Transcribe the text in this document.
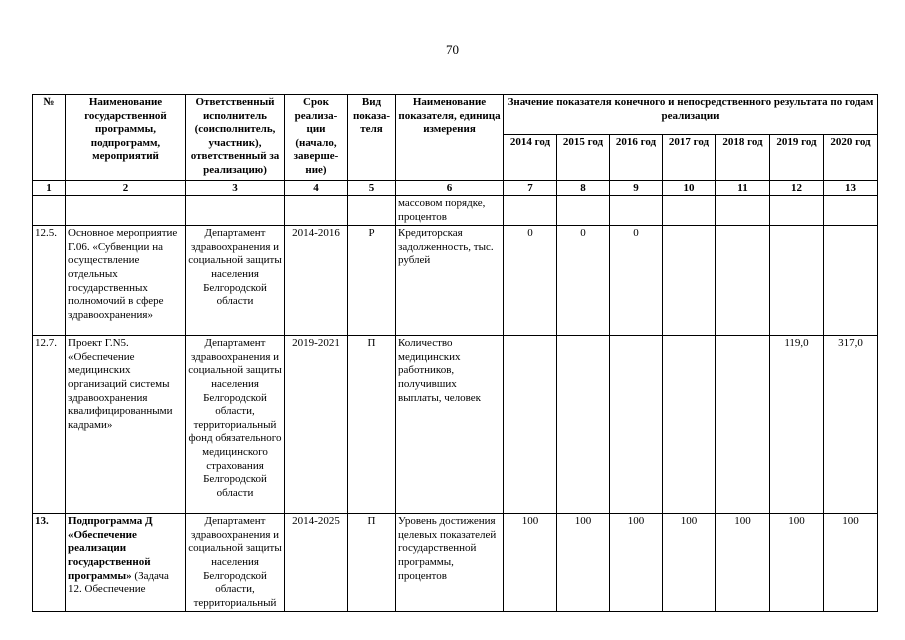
70
№	Наименование государственной программы, подпрограмм, мероприятий	Ответственный исполнитель (соисполнитель, участник), ответственный за реализацию)	Срок реализа-ции (начало, заверше-ние)	Вид показа-теля	Наименование показателя, единица измерения	Значение показателя конечного и непосредственного результата по годам реализации						
						2014 год	2015 год	2016 год	2017 год	2018 год	2019 год	2020 год
1	2	3	4	5	6	7	8	9	10	11	12	13
					массовом порядке, процентов							
12.5.	Основное мероприятие Г.06. «Субвенции на осуществление отдельных государственных полномочий в сфере здравоохранения»	Департамент здравоохранения и социальной защиты населения Белгородской области	2014-2016	Р	Кредиторская задолженность, тыс. рублей	0	0	0				
12.7.	Проект Г.N5. «Обеспечение медицинских организаций системы здравоохранения квалифицированными кадрами»	Департамент здравоохранения и социальной защиты населения Белгородской области, территориальный фонд обязательного медицинского страхования Белгородской области	2019-2021	П	Количество медицинских работников, получивших выплаты, человек						119,0	317,0
13.	Подпрограмма Д «Обеспечение реализации государственной программы» (Задача 12. Обеспечение	Департамент здравоохранения и социальной защиты населения Белгородской области, территориальный	2014-2025	П	Уровень достижения целевых показателей государственной программы, процентов	100	100	100	100	100	100	100
